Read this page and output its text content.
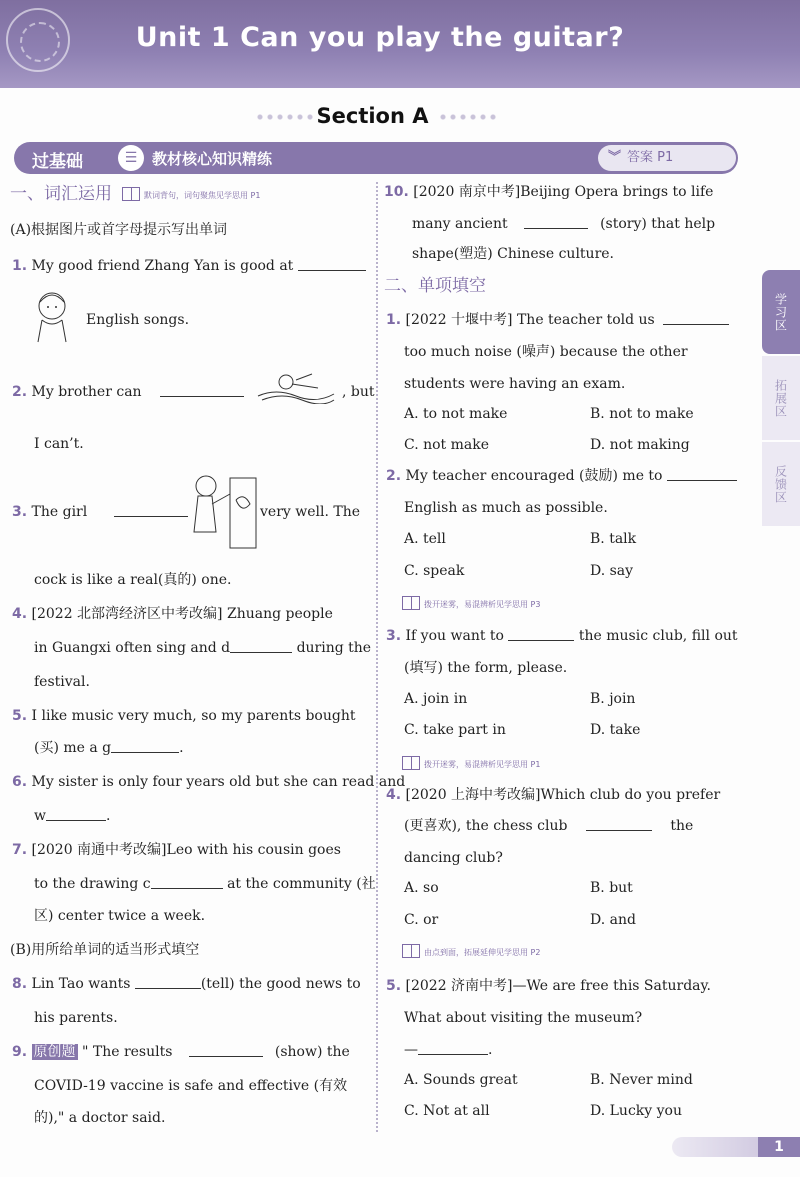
Unit 1 Can you play the guitar?
Section A
过基础	☰ 教材核心知识精练	︾ 答案 P1
一、词汇运用	默词背句，词句聚焦见学思用 P1
(A)根据图片或首字母提示写出单词
1. My good friend Zhang Yan is good at
English songs.
2. My brother can	, but
I can’t.
3. The girl	very well. The
cock is like a real(真的) one.
4. [2022 北部湾经济区中考改编] Zhuang people
in Guangxi often sing and d	during the
festival.
5. I like music very much, so my parents bought
(买) me a g	.
6. My sister is only four years old but she can read and
w	.
7. [2020 南通中考改编]Leo with his cousin goes
to the drawing c	at the community (社
区) center twice a week.
(B)用所给单词的适当形式填空
8. Lin Tao wants	(tell) the good news to
his parents.
9. 原创题 " The results	(show) the
COVID-19 vaccine is safe and effective (有效
的)," a doctor said.
10. [2020 南京中考]Beijing Opera brings to life
many ancient	(story) that help
shape(塑造) Chinese culture.
二、单项填空
1. [2022 十堰中考] The teacher told us
too much noise (噪声) because the other
students were having an exam.
A. to not make	B. not to make
C. not make	D. not making
2. My teacher encouraged (鼓励) me to
English as much as possible.
A. tell	B. talk
C. speak	D. say
拨开迷雾，易混辨析见学思用 P3
3. If you want to	the music club, fill out
(填写) the form, please.
A. join in	B. join
C. take part in	D. take
拨开迷雾，易混辨析见学思用 P1
4. [2020 上海中考改编]Which club do you prefer
(更喜欢), the chess club	the
dancing club?
A. so	B. but
C. or	D. and
由点到面，拓展延伸见学思用 P2
5. [2022 济南中考]—We are free this Saturday.
What about visiting the museum?
—	.
A. Sounds great	B. Never mind
C. Not at all	D. Lucky you
学习区
拓展区
反馈区
1
